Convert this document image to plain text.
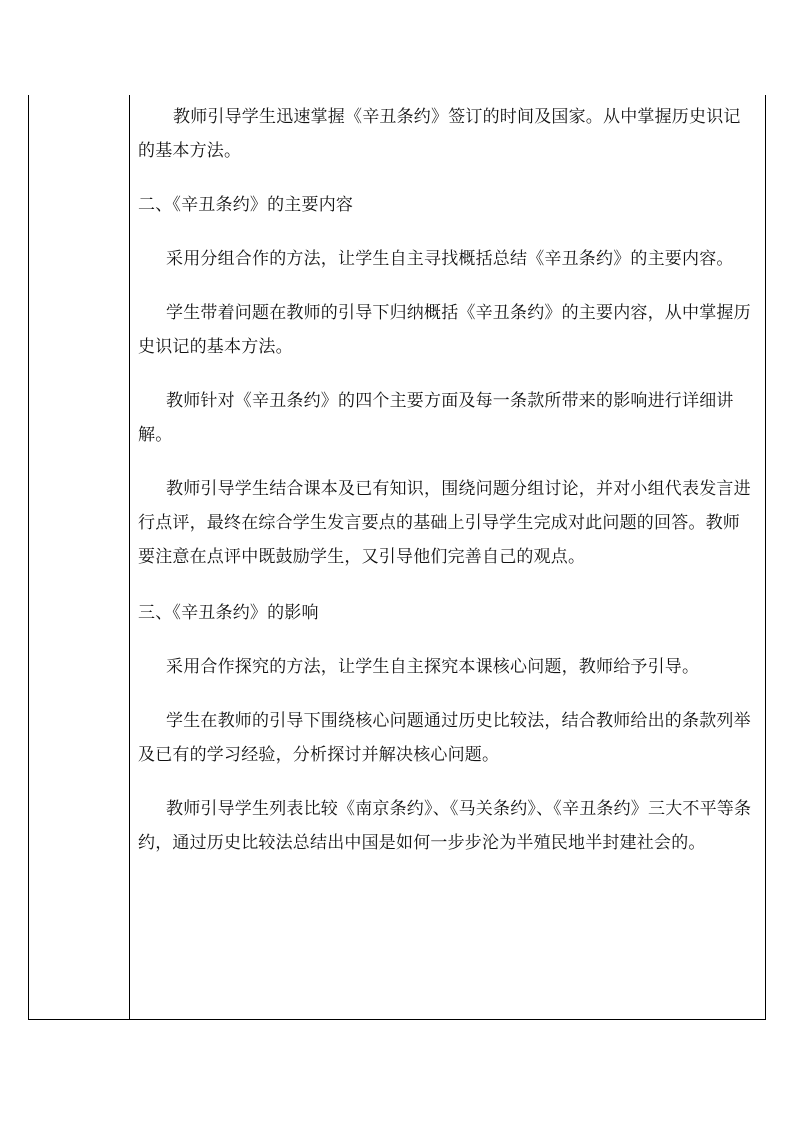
教师引导学生迅速掌握《辛丑条约》签订的时间及国家。从中掌握历史识记的基本方法。

二、《辛丑条约》的主要内容

采用分组合作的方法，让学生自主寻找概括总结《辛丑条约》的主要内容。

学生带着问题在教师的引导下归纳概括《辛丑条约》的主要内容，从中掌握历史识记的基本方法。

教师针对《辛丑条约》的四个主要方面及每一条款所带来的影响进行详细讲解。

教师引导学生结合课本及已有知识，围绕问题分组讨论，并对小组代表发言进行点评，最终在综合学生发言要点的基础上引导学生完成对此问题的回答。教师要注意在点评中既鼓励学生，又引导他们完善自己的观点。

三、《辛丑条约》的影响

采用合作探究的方法，让学生自主探究本课核心问题，教师给予引导。

学生在教师的引导下围绕核心问题通过历史比较法，结合教师给出的条款列举及已有的学习经验，分析探讨并解决核心问题。

教师引导学生列表比较《南京条约》、《马关条约》、《辛丑条约》三大不平等条约，通过历史比较法总结出中国是如何一步步沦为半殖民地半封建社会的。
